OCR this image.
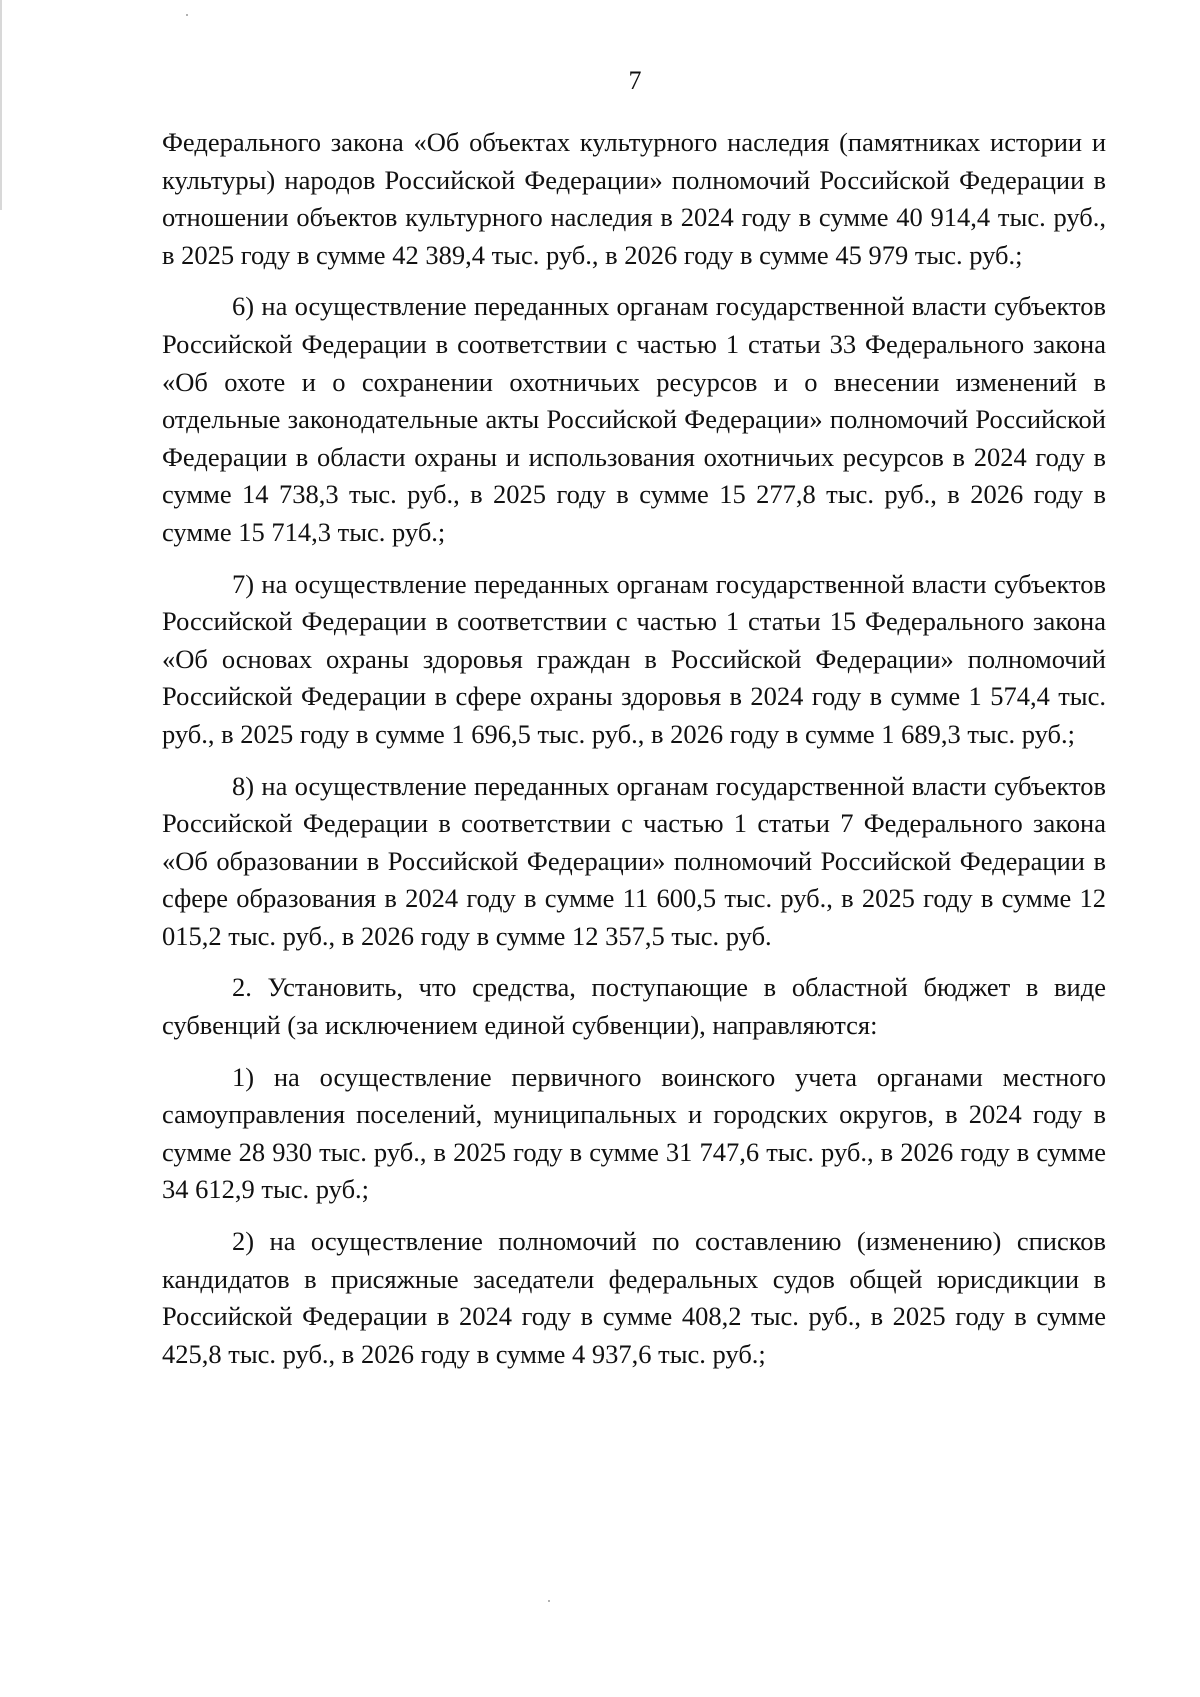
7

Федерального закона «Об объектах культурного наследия (памятниках истории и культуры) народов Российской Федерации» полномочий Российской Федерации в отношении объектов культурного наследия в 2024 году в сумме 40 914,4 тыс. руб., в 2025 году в сумме 42 389,4 тыс. руб., в 2026 году в сумме 45 979 тыс. руб.;

6) на осуществление переданных органам государственной власти субъектов Российской Федерации в соответствии с частью 1 статьи 33 Федерального закона «Об охоте и о сохранении охотничьих ресурсов и о внесении изменений в отдельные законодательные акты Российской Федерации» полномочий Российской Федерации в области охраны и использования охотничьих ресурсов в 2024 году в сумме 14 738,3 тыс. руб., в 2025 году в сумме 15 277,8 тыс. руб., в 2026 году в сумме 15 714,3 тыс. руб.;

7) на осуществление переданных органам государственной власти субъектов Российской Федерации в соответствии с частью 1 статьи 15 Федерального закона «Об основах охраны здоровья граждан в Российской Федерации» полномочий Российской Федерации в сфере охраны здоровья в 2024 году в сумме 1 574,4 тыс. руб., в 2025 году в сумме 1 696,5 тыс. руб., в 2026 году в сумме 1 689,3 тыс. руб.;

8) на осуществление переданных органам государственной власти субъектов Российской Федерации в соответствии с частью 1 статьи 7 Федерального закона «Об образовании в Российской Федерации» полномочий Российской Федерации в сфере образования в 2024 году в сумме 11 600,5 тыс. руб., в 2025 году в сумме 12 015,2 тыс. руб., в 2026 году в сумме 12 357,5 тыс. руб.

2. Установить, что средства, поступающие в областной бюджет в виде субвенций (за исключением единой субвенции), направляются:

1) на осуществление первичного воинского учета органами местного самоуправления поселений, муниципальных и городских округов, в 2024 году в сумме 28 930 тыс. руб., в 2025 году в сумме 31 747,6 тыс. руб., в 2026 году в сумме 34 612,9 тыс. руб.;

2) на осуществление полномочий по составлению (изменению) списков кандидатов в присяжные заседатели федеральных судов общей юрисдикции в Российской Федерации в 2024 году в сумме 408,2 тыс. руб., в 2025 году в сумме 425,8 тыс. руб., в 2026 году в сумме 4 937,6 тыс. руб.;
